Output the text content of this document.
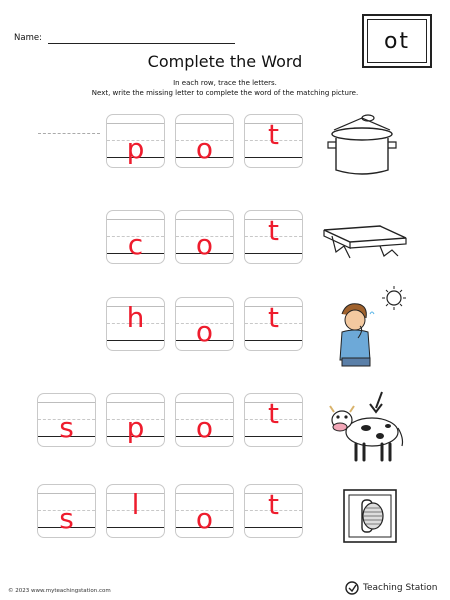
Name:	ot
Complete the Word
In each row, trace the letters.
Next, write the missing letter to complete the word of the matching picture.
p	o	t
c	o	t
h	o	t
s	p	o	t
s	l	o	t
© 2023 www.myteachingstation.com	Teaching Station
